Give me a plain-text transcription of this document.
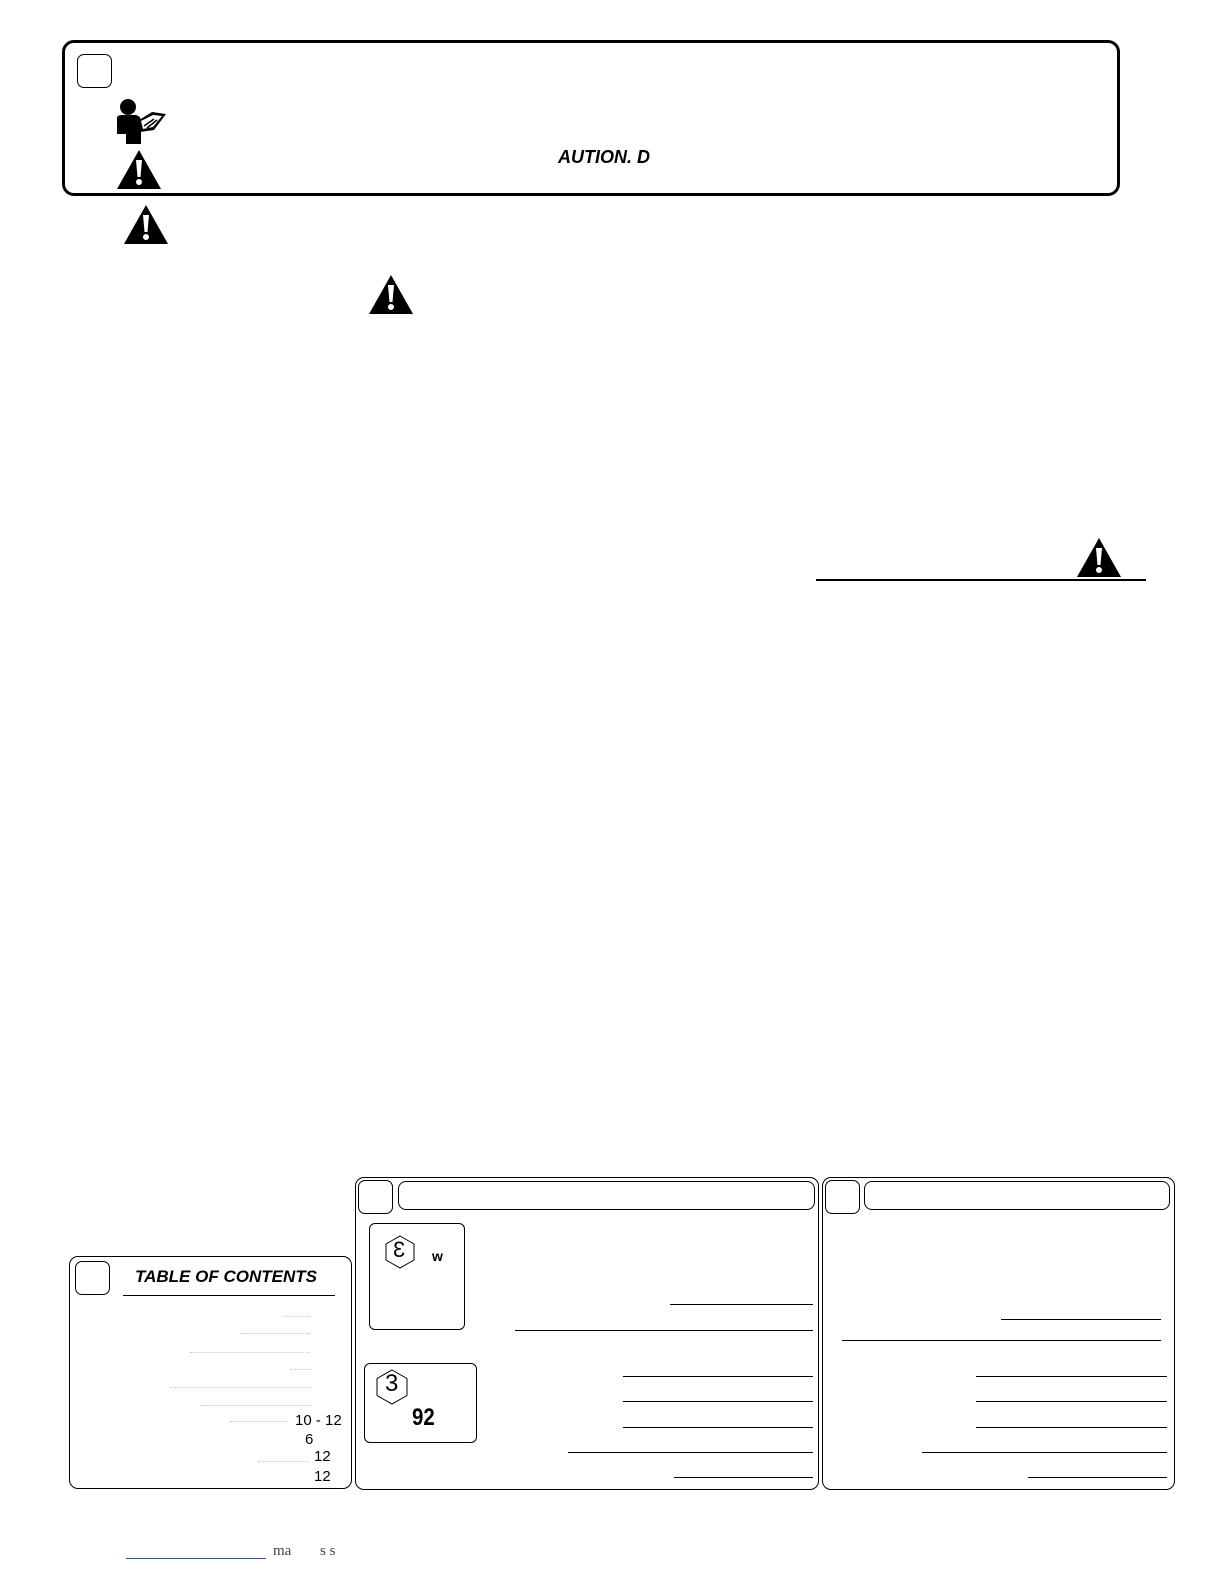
AUTION. D
TABLE OF CONTENTS
10 - 12
6
12
12
3 w
3
92
ma s s
